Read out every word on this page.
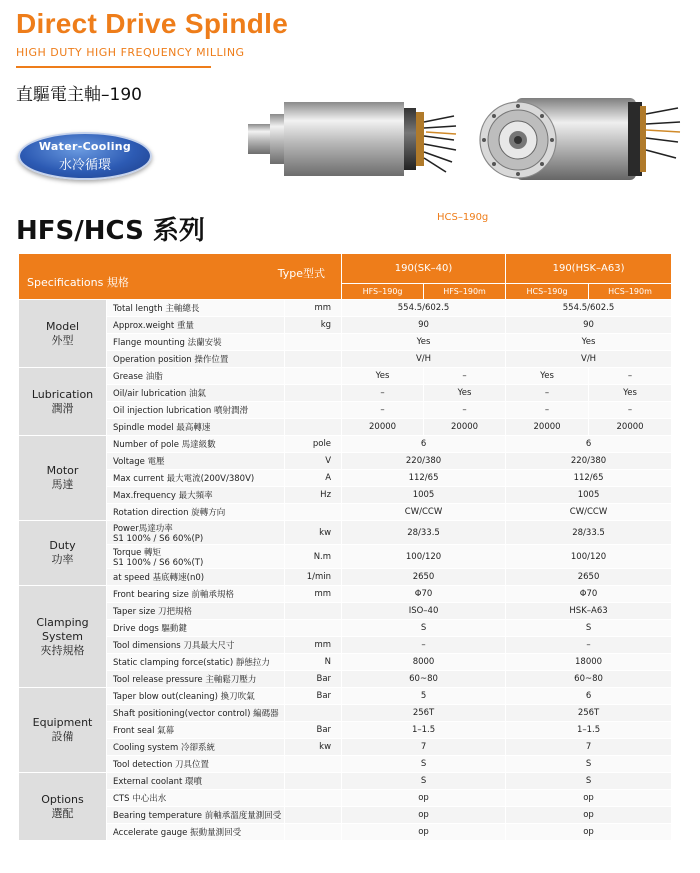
Direct Drive Spindle
HIGH DUTY HIGH FREQUENCY MILLING
直驅電主軸–190
Water-Cooling
水冷循環
HCS–190g
HFS/HCS 系列
Type型式
Specifications 規格			190(SK–40)		190(HSK–A63)	
			HFS–190g	HFS–190m	HCS–190g	HCS–190m

Model
外型	Total length 主軸總長	mm	554.5/602.5		554.5/602.5	

	Approx.weight 重量	kg	90		90	

	Flange mounting 法蘭安裝		Yes		Yes	

	Operation position 操作位置		V/H		V/H	

Lubrication
潤滑	Grease 油脂		Yes	–	Yes	–

	Oil/air lubrication 油氣		–	Yes	–	Yes

	Oil injection lubrication 噴射潤滑		–	–	–	–

	Spindle model 最高轉速		20000	20000	20000	20000

Motor
馬達	Number of pole 馬達級數	pole	6		6	

	Voltage 電壓	V	220/380		220/380	

	Max current 最大電流(200V/380V)	A	112/65		112/65	

	Max.frequency 最大頻率	Hz	1005		1005	

	Rotation direction 旋轉方向		CW/CCW		CW/CCW	

Duty
功率	Power馬達功率
S1 100% / S6 60%(P)	kw	28/33.5		28/33.5	

	Torque 轉矩
S1 100% / S6 60%(T)	N.m	100/120		100/120	

	at speed 基底轉速(n0)	1/min	2650		2650	

Clamping
System
夾持規格	Front bearing size 前軸承規格	mm	Φ70		Φ70	

	Taper size 刀把規格		ISO–40		HSK–A63	

	Drive dogs 驅動鍵		S		S	

	Tool dimensions 刀具最大尺寸	mm	–		–	

	Static clamping force(static) 靜態拉力	N	8000		18000	

	Tool release pressure 主軸鬆刀壓力	Bar	60~80		60~80	

Equipment
設備	Taper blow out(cleaning) 換刀吹氣	Bar	5		6	

	Shaft positioning(vector control) 編碼器		256T		256T	

	Front seal 氣幕	Bar	1–1.5		1–1.5	

	Cooling system 冷卻系統	kw	7		7	

	Tool detection 刀具位置		S		S	

Options
選配	External coolant 環噴		S		S	

	CTS 中心出水		op		op	

	Bearing temperature 前軸承溫度量測回受		op		op	

	Accelerate gauge 振動量測回受		op		op	
